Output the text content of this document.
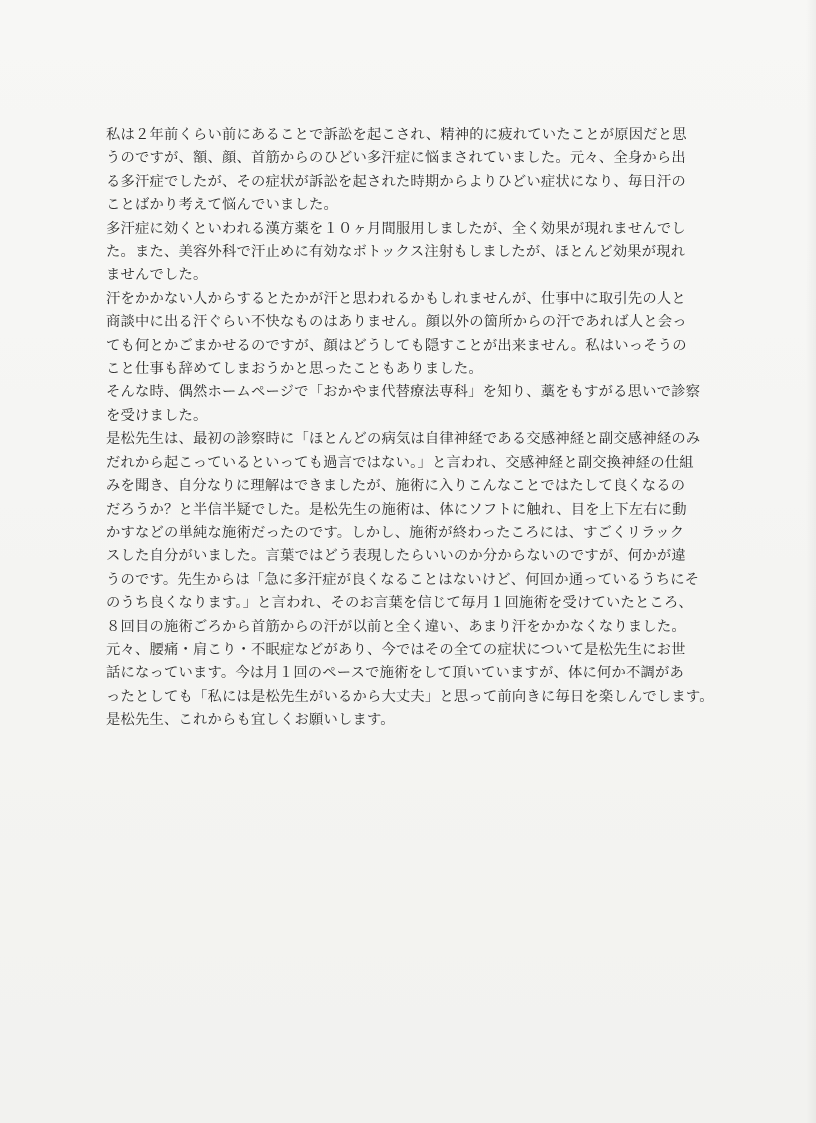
私は２年前くらい前にあることで訴訟を起こされ、精神的に疲れていたことが原因だと思
うのですが、額、顔、首筋からのひどい多汗症に悩まされていました。元々、全身から出
る多汗症でしたが、その症状が訴訟を起された時期からよりひどい症状になり、毎日汗の
ことばかり考えて悩んでいました。

多汗症に効くといわれる漢方薬を１０ヶ月間服用しましたが、全く効果が現れませんでし
た。また、美容外科で汗止めに有効なボトックス注射もしましたが、ほとんど効果が現れ
ませんでした。

汗をかかない人からするとたかが汗と思われるかもしれませんが、仕事中に取引先の人と
商談中に出る汗ぐらい不快なものはありません。顔以外の箇所からの汗であれば人と会っ
ても何とかごまかせるのですが、顔はどうしても隠すことが出来ません。私はいっそうの
こと仕事も辞めてしまおうかと思ったこともありました。

そんな時、偶然ホームページで「おかやま代替療法専科」を知り、藁をもすがる思いで診察
を受けました。

是松先生は、最初の診察時に「ほとんどの病気は自律神経である交感神経と副交感神経のみ
だれから起こっているといっても過言ではない。」と言われ、交感神経と副交換神経の仕組
みを聞き、自分なりに理解はできましたが、施術に入りこんなことではたして良くなるの
だろうか？と半信半疑でした。是松先生の施術は、体にソフトに触れ、目を上下左右に動
かすなどの単純な施術だったのです。しかし、施術が終わったころには、すごくリラック
スした自分がいました。言葉ではどう表現したらいいのか分からないのですが、何かが違
うのです。先生からは「急に多汗症が良くなることはないけど、何回か通っているうちにそ
のうち良くなります。」と言われ、そのお言葉を信じて毎月１回施術を受けていたところ、
８回目の施術ごろから首筋からの汗が以前と全く違い、あまり汗をかかなくなりました。

元々、腰痛・肩こり・不眠症などがあり、今ではその全ての症状について是松先生にお世
話になっています。今は月１回のペースで施術をして頂いていますが、体に何か不調があ
ったとしても「私には是松先生がいるから大丈夫」と思って前向きに毎日を楽しんでします。

是松先生、これからも宜しくお願いします。
